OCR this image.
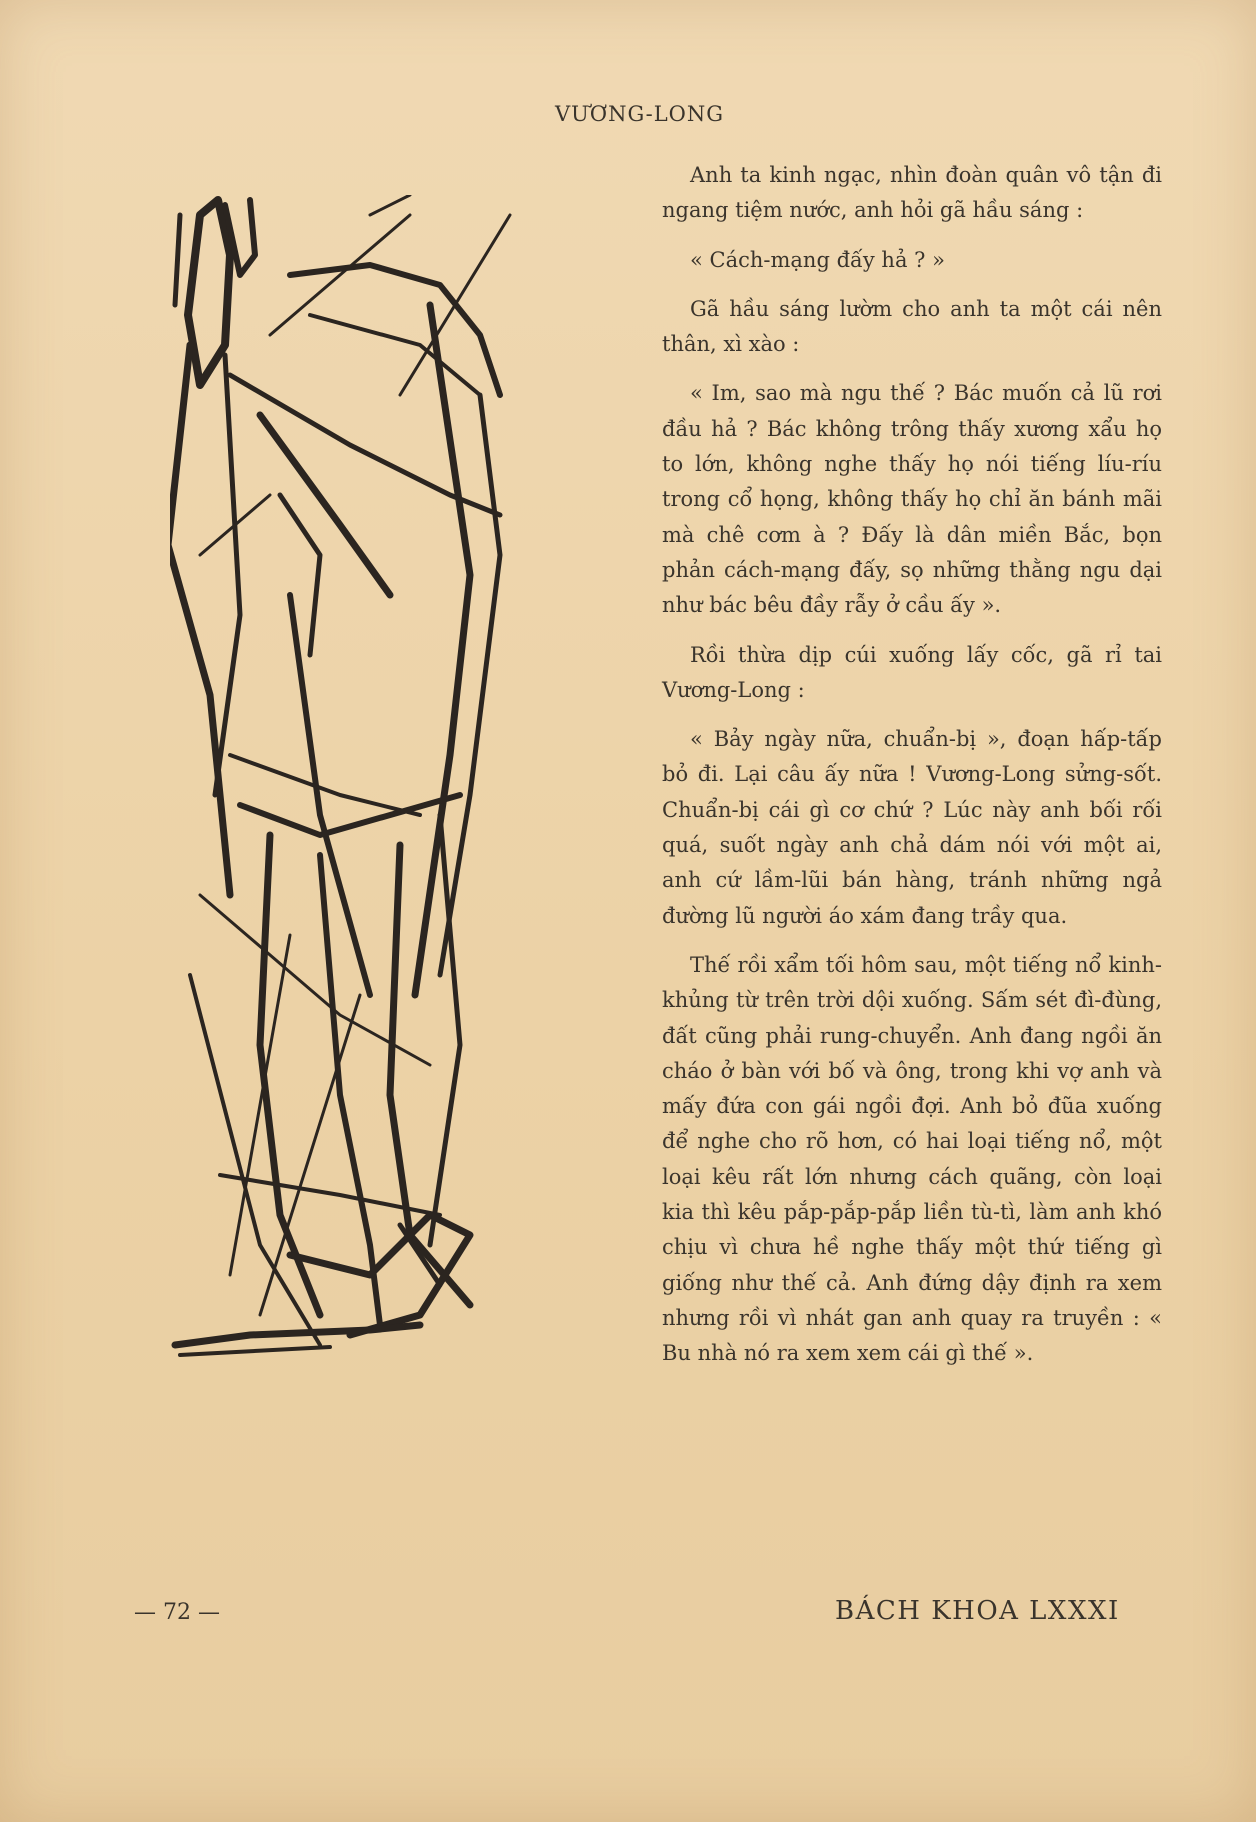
VƯƠNG-LONG

Anh ta kinh ngạc, nhìn đoàn quân vô tận đi ngang tiệm nước, anh hỏi gã hầu sáng :

« Cách-mạng đấy hả ? »

Gã hầu sáng lườm cho anh ta một cái nên thân, xì xào :

« Im, sao mà ngu thế ? Bác muốn cả lũ rơi đầu hả ? Bác không trông thấy xương xẩu họ to lớn, không nghe thấy họ nói tiếng líu-ríu trong cổ họng, không thấy họ chỉ ăn bánh mãi mà chê cơm à ? Đấy là dân miền Bắc, bọn phản cách-mạng đấy, sọ những thằng ngu dại như bác bêu đầy rẫy ở cầu ấy ».

Rồi thừa dịp cúi xuống lấy cốc, gã rỉ tai Vương-Long :

« Bảy ngày nữa, chuẩn-bị », đoạn hấp-tấp bỏ đi. Lại câu ấy nữa ! Vương-Long sửng-sốt. Chuẩn-bị cái gì cơ chứ ? Lúc này anh bối rối quá, suốt ngày anh chả dám nói với một ai, anh cứ lầm-lũi bán hàng, tránh những ngả đường lũ người áo xám đang trầy qua.

Thế rồi xẩm tối hôm sau, một tiếng nổ kinh-khủng từ trên trời dội xuống. Sấm sét đì-đùng, đất cũng phải rung-chuyển. Anh đang ngồi ăn cháo ở bàn với bố và ông, trong khi vợ anh và mấy đứa con gái ngồi đợi. Anh bỏ đũa xuống để nghe cho rõ hơn, có hai loại tiếng nổ, một loại kêu rất lớn nhưng cách quãng, còn loại kia thì kêu pắp-pắp-pắp liền tù-tì, làm anh khó chịu vì chưa hề nghe thấy một thứ tiếng gì giống như thế cả. Anh đứng dậy định ra xem nhưng rồi vì nhát gan anh quay ra truyền : « Bu nhà nó ra xem xem cái gì thế ».

— 72 —	BÁCH KHOA LXXXI
